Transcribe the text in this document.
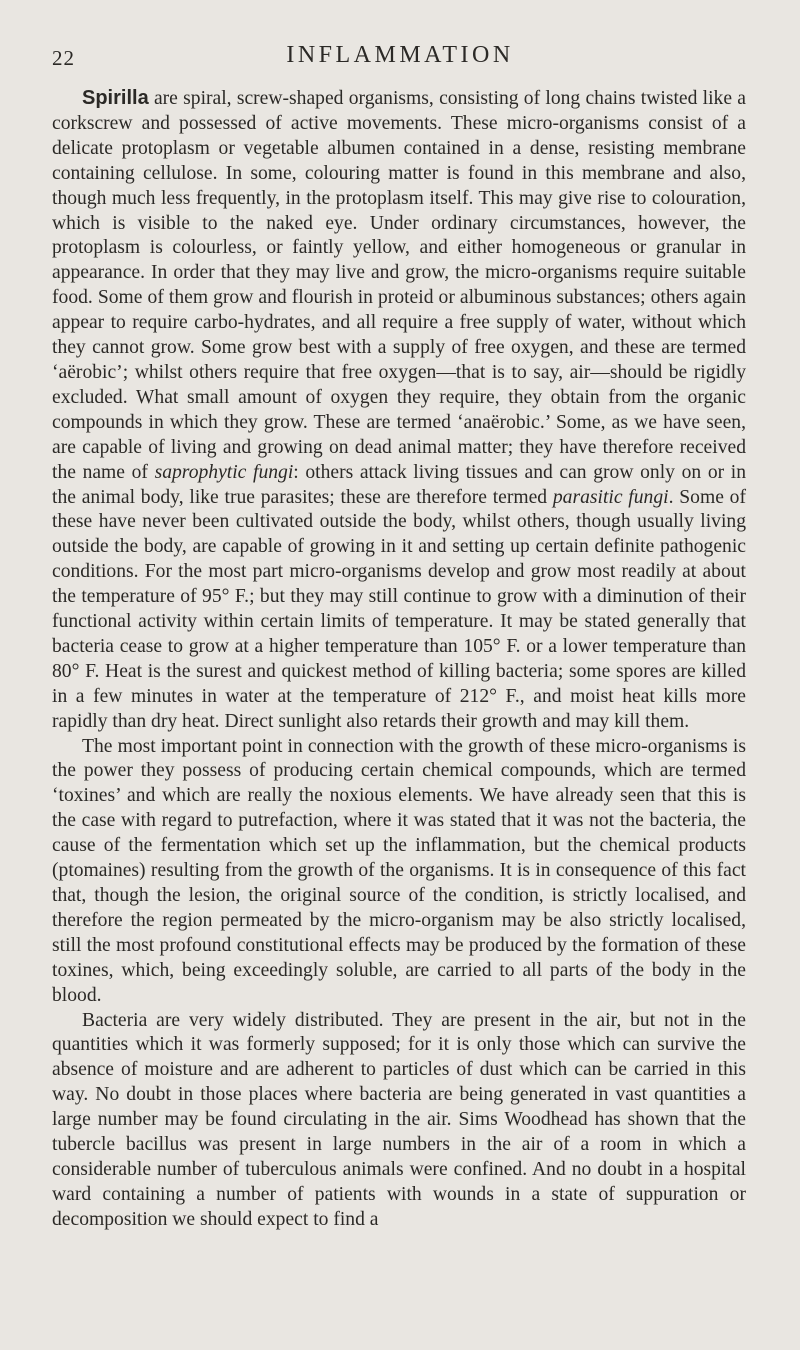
22	INFLAMMATION

Spirilla are spiral, screw-shaped organisms, consisting of long chains twisted like a corkscrew and possessed of active movements. These micro-organisms consist of a delicate protoplasm or vegetable albumen contained in a dense, resisting membrane containing cellulose. In some, colouring matter is found in this membrane and also, though much less frequently, in the protoplasm itself. This may give rise to colouration, which is visible to the naked eye. Under ordinary circumstances, however, the protoplasm is colourless, or faintly yellow, and either homogeneous or granular in appearance. In order that they may live and grow, the micro-organisms require suitable food. Some of them grow and flourish in proteid or albuminous substances; others again appear to require carbo-hydrates, and all require a free supply of water, without which they cannot grow. Some grow best with a supply of free oxygen, and these are termed ‘aërobic’; whilst others require that free oxygen—that is to say, air—should be rigidly excluded. What small amount of oxygen they require, they obtain from the organic compounds in which they grow. These are termed ‘anaërobic.’ Some, as we have seen, are capable of living and growing on dead animal matter; they have therefore received the name of saprophytic fungi: others attack living tissues and can grow only on or in the animal body, like true parasites; these are therefore termed parasitic fungi. Some of these have never been cultivated outside the body, whilst others, though usually living outside the body, are capable of growing in it and setting up certain definite pathogenic conditions. For the most part micro-organisms develop and grow most readily at about the temperature of 95° F.; but they may still continue to grow with a diminution of their functional activity within certain limits of temperature. It may be stated generally that bacteria cease to grow at a higher temperature than 105° F. or a lower temperature than 80° F. Heat is the surest and quickest method of killing bacteria; some spores are killed in a few minutes in water at the temperature of 212° F., and moist heat kills more rapidly than dry heat. Direct sunlight also retards their growth and may kill them.

The most important point in connection with the growth of these micro-organisms is the power they possess of producing certain chemical compounds, which are termed ‘toxines’ and which are really the noxious elements. We have already seen that this is the case with regard to putrefaction, where it was stated that it was not the bacteria, the cause of the fermentation which set up the inflammation, but the chemical products (ptomaines) resulting from the growth of the organisms. It is in consequence of this fact that, though the lesion, the original source of the condition, is strictly localised, and therefore the region permeated by the micro-organism may be also strictly localised, still the most profound constitutional effects may be produced by the formation of these toxines, which, being exceedingly soluble, are carried to all parts of the body in the blood.

Bacteria are very widely distributed. They are present in the air, but not in the quantities which it was formerly supposed; for it is only those which can survive the absence of moisture and are adherent to particles of dust which can be carried in this way. No doubt in those places where bacteria are being generated in vast quantities a large number may be found circulating in the air. Sims Woodhead has shown that the tubercle bacillus was present in large numbers in the air of a room in which a considerable number of tuberculous animals were confined. And no doubt in a hospital ward containing a number of patients with wounds in a state of suppuration or decomposition we should expect to find a
